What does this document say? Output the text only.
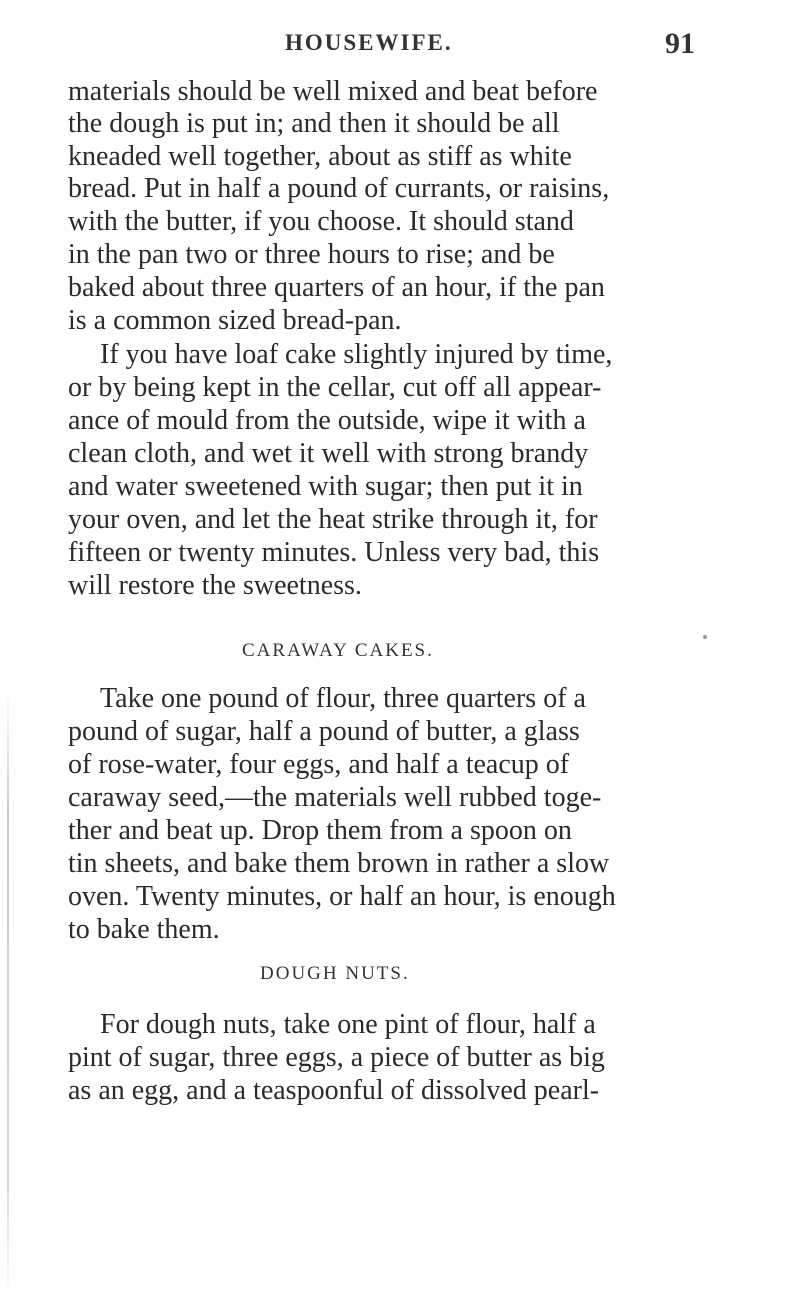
HOUSEWIFE.	91
materials should be well mixed and beat before
the dough is put in; and then it should be all
kneaded well together, about as stiff as white
bread. Put in half a pound of currants, or raisins,
with the butter, if you choose. It should stand
in the pan two or three hours to rise; and be
baked about three quarters of an hour, if the pan
is a common sized bread-pan.
If you have loaf cake slightly injured by time,
or by being kept in the cellar, cut off all appear-
ance of mould from the outside, wipe it with a
clean cloth, and wet it well with strong brandy
and water sweetened with sugar; then put it in
your oven, and let the heat strike through it, for
fifteen or twenty minutes. Unless very bad, this
will restore the sweetness.
CARAWAY CAKES.
Take one pound of flour, three quarters of a
pound of sugar, half a pound of butter, a glass
of rose-water, four eggs, and half a teacup of
caraway seed,—the materials well rubbed toge-
ther and beat up. Drop them from a spoon on
tin sheets, and bake them brown in rather a slow
oven. Twenty minutes, or half an hour, is enough
to bake them.
DOUGH NUTS.
For dough nuts, take one pint of flour, half a
pint of sugar, three eggs, a piece of butter as big
as an egg, and a teaspoonful of dissolved pearl-
